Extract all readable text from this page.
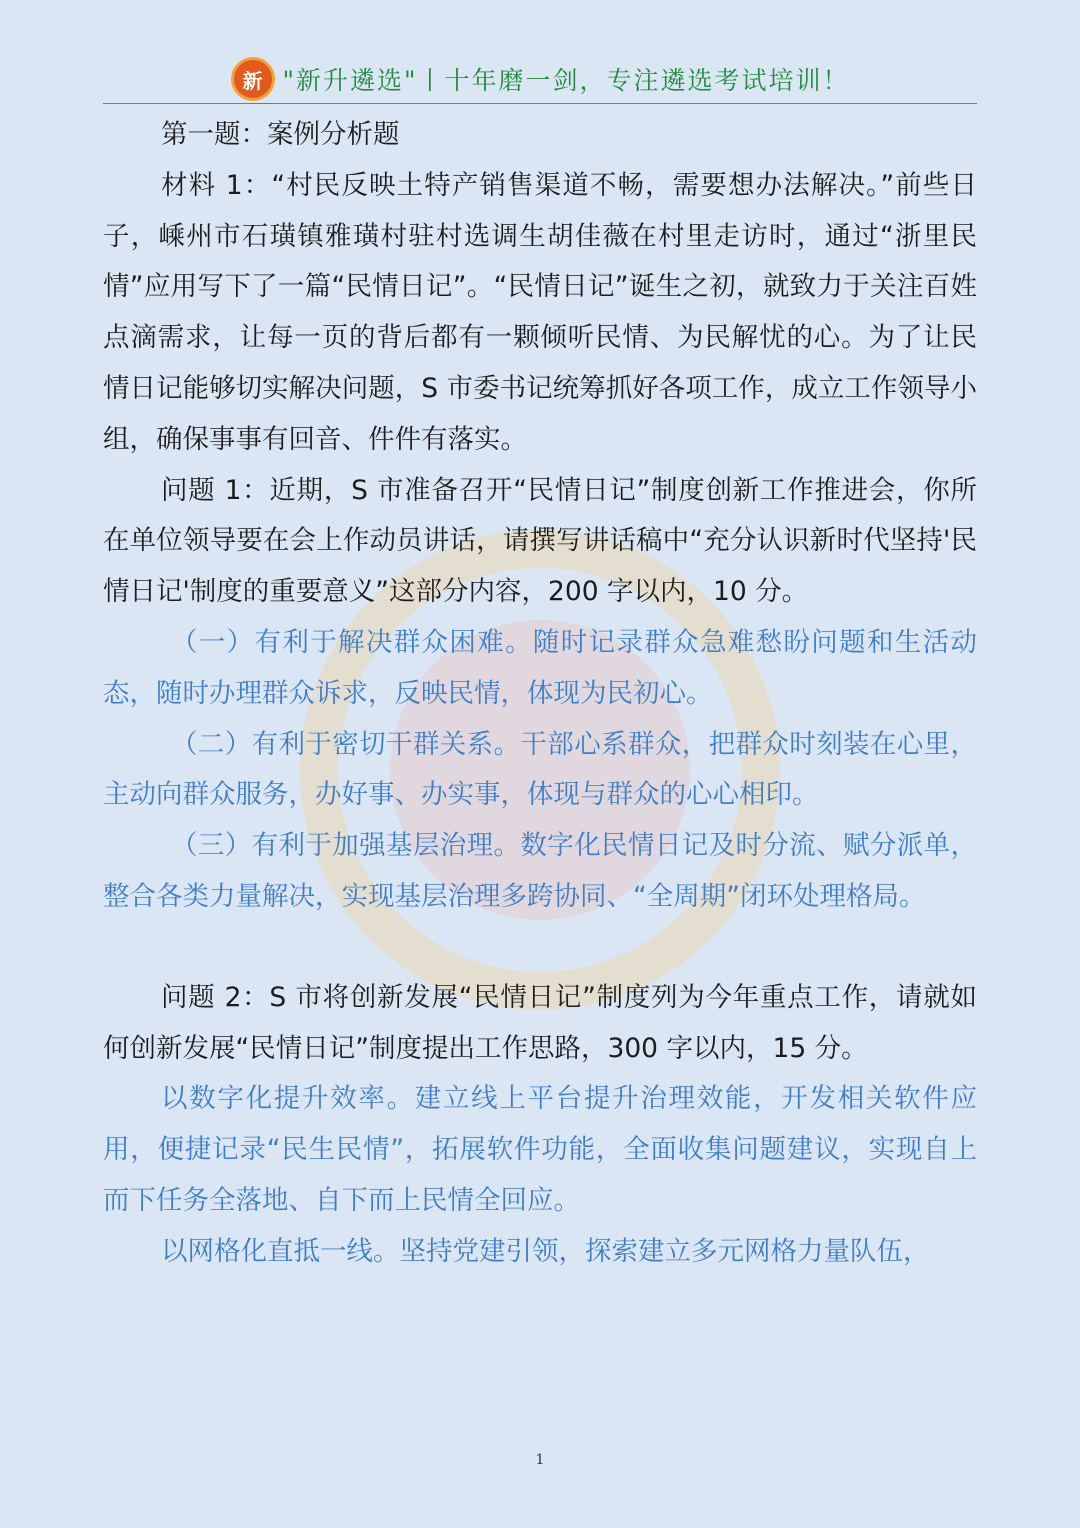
新 "新升遴选"丨十年磨一剑，专注遴选考试培训！

第一题：案例分析题

材料 1：“村民反映土特产销售渠道不畅，需要想办法解决。”前些日子，嵊州市石璜镇雅璜村驻村选调生胡佳薇在村里走访时，通过“浙里民情”应用写下了一篇“民情日记”。“民情日记”诞生之初，就致力于关注百姓点滴需求，让每一页的背后都有一颗倾听民情、为民解忧的心。为了让民情日记能够切实解决问题，S 市委书记统筹抓好各项工作，成立工作领导小组，确保事事有回音、件件有落实。

问题 1：近期，S 市准备召开“民情日记”制度创新工作推进会，你所在单位领导要在会上作动员讲话，请撰写讲话稿中“充分认识新时代坚持'民情日记'制度的重要意义”这部分内容，200 字以内，10 分。

（一）有利于解决群众困难。随时记录群众急难愁盼问题和生活动态，随时办理群众诉求，反映民情，体现为民初心。

（二）有利于密切干群关系。干部心系群众，把群众时刻装在心里，主动向群众服务，办好事、办实事，体现与群众的心心相印。

（三）有利于加强基层治理。数字化民情日记及时分流、赋分派单，整合各类力量解决，实现基层治理多跨协同、“全周期”闭环处理格局。

问题 2：S 市将创新发展“民情日记”制度列为今年重点工作，请就如何创新发展“民情日记”制度提出工作思路，300 字以内，15 分。

以数字化提升效率。建立线上平台提升治理效能，开发相关软件应用，便捷记录“民生民情”，拓展软件功能，全面收集问题建议，实现自上而下任务全落地、自下而上民情全回应。

以网格化直抵一线。坚持党建引领，探索建立多元网格力量队伍，

1
